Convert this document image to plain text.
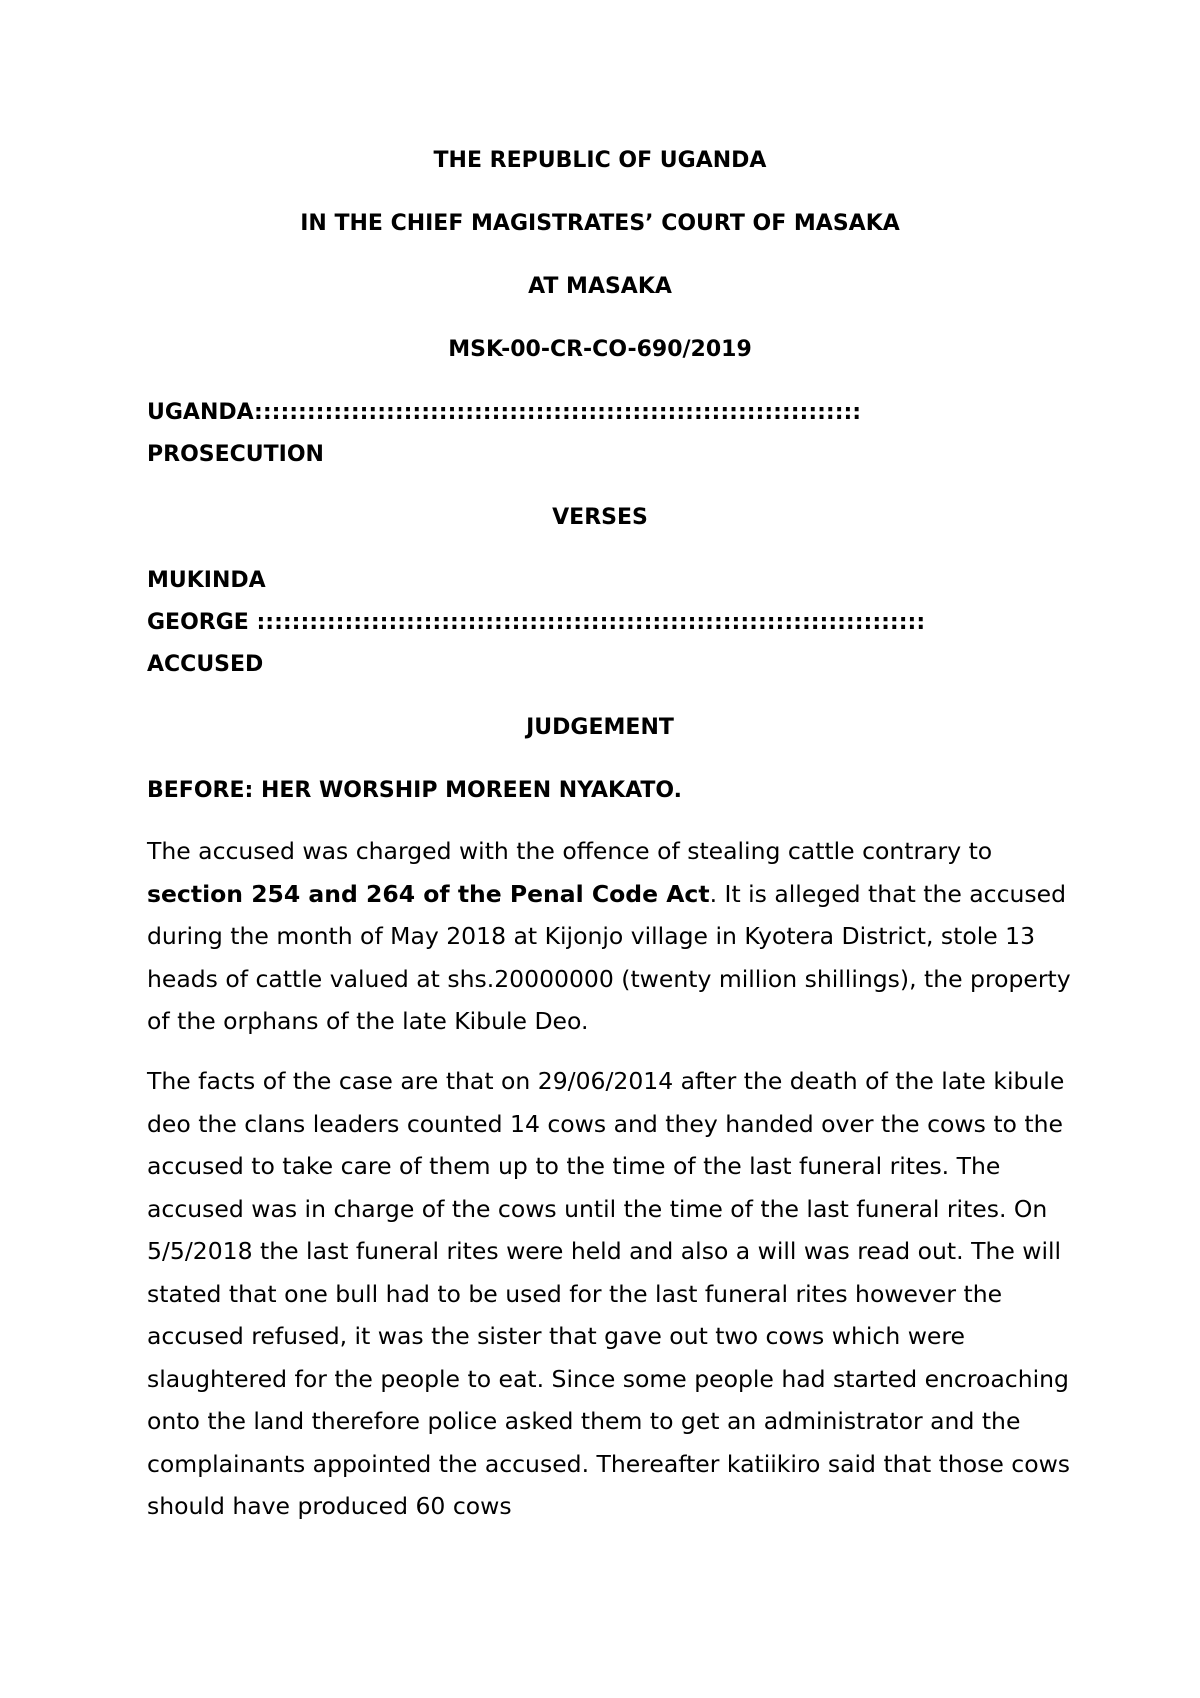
THE REPUBLIC OF UGANDA
IN THE CHIEF MAGISTRATES’ COURT OF MASAKA
AT MASAKA
MSK-00-CR-CO-690/2019
UGANDA:::::::::::::::::::::::::::::::::::::::::::::::::::::::::::::::::::::
PROSECUTION
VERSES
MUKINDA
GEORGE ::::::::::::::::::::::::::::::::::::::::::::::::::::::::::::::::::::::::::::
ACCUSED
JUDGEMENT
BEFORE: HER WORSHIP MOREEN NYAKATO.

The accused was charged with the offence of stealing cattle contrary to section 254 and 264 of the Penal Code Act. It is alleged that the accused during the month of May 2018 at Kijonjo village in Kyotera District, stole 13 heads of cattle valued at shs.20000000 (twenty million shillings), the property of the orphans of the late Kibule Deo.

The facts of the case are that on 29/06/2014 after the death of the late kibule deo the clans leaders counted 14 cows and they handed over the cows to the accused to take care of them up to the time of the last funeral rites. The accused was in charge of the cows until the time of the last funeral rites. On 5/5/2018 the last funeral rites were held and also a will was read out. The will stated that one bull had to be used for the last funeral rites however the accused refused, it was the sister that gave out two cows which were slaughtered for the people to eat. Since some people had started encroaching onto the land therefore police asked them to get an administrator and the complainants appointed the accused. Thereafter katiikiro said that those cows should have produced 60 cows
